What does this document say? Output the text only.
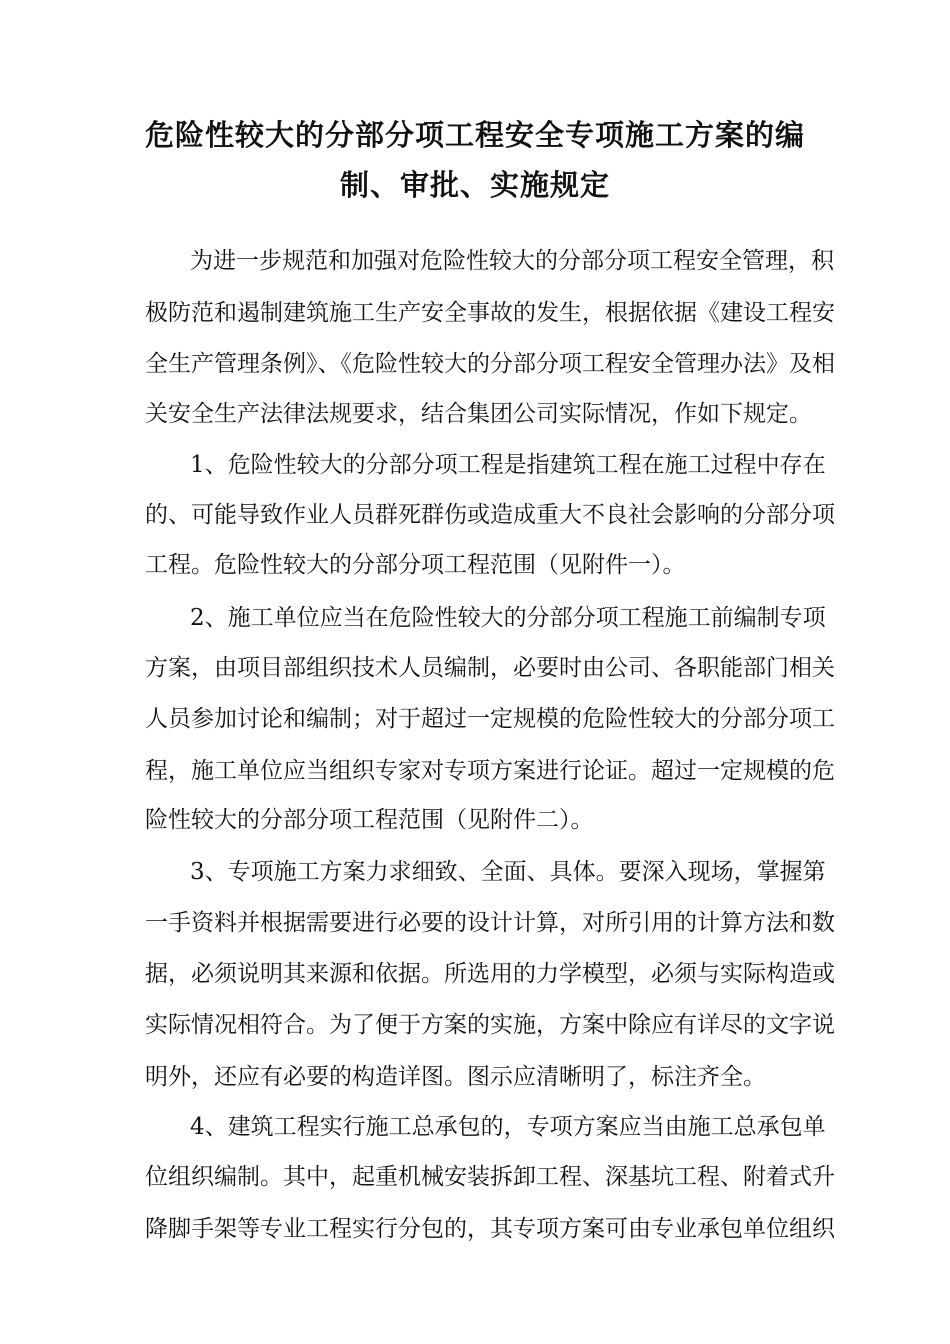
危险性较大的分部分项工程安全专项施工方案的编
制、审批、实施规定

为进一步规范和加强对危险性较大的分部分项工程安全管理，积

极防范和遏制建筑施工生产安全事故的发生，根据依据《建设工程安

全生产管理条例》、《危险性较大的分部分项工程安全管理办法》及相

关安全生产法律法规要求，结合集团公司实际情况，作如下规定。

1、危险性较大的分部分项工程是指建筑工程在施工过程中存在

的、可能导致作业人员群死群伤或造成重大不良社会影响的分部分项

工程。危险性较大的分部分项工程范围（见附件一）。

2、施工单位应当在危险性较大的分部分项工程施工前编制专项

方案，由项目部组织技术人员编制，必要时由公司、各职能部门相关

人员参加讨论和编制；对于超过一定规模的危险性较大的分部分项工

程，施工单位应当组织专家对专项方案进行论证。超过一定规模的危

险性较大的分部分项工程范围（见附件二）。

3、专项施工方案力求细致、全面、具体。要深入现场，掌握第

一手资料并根据需要进行必要的设计计算，对所引用的计算方法和数

据，必须说明其来源和依据。所选用的力学模型，必须与实际构造或

实际情况相符合。为了便于方案的实施，方案中除应有详尽的文字说

明外，还应有必要的构造详图。图示应清晰明了，标注齐全。

4、建筑工程实行施工总承包的，专项方案应当由施工总承包单

位组织编制。其中，起重机械安装拆卸工程、深基坑工程、附着式升

降脚手架等专业工程实行分包的，其专项方案可由专业承包单位组织
